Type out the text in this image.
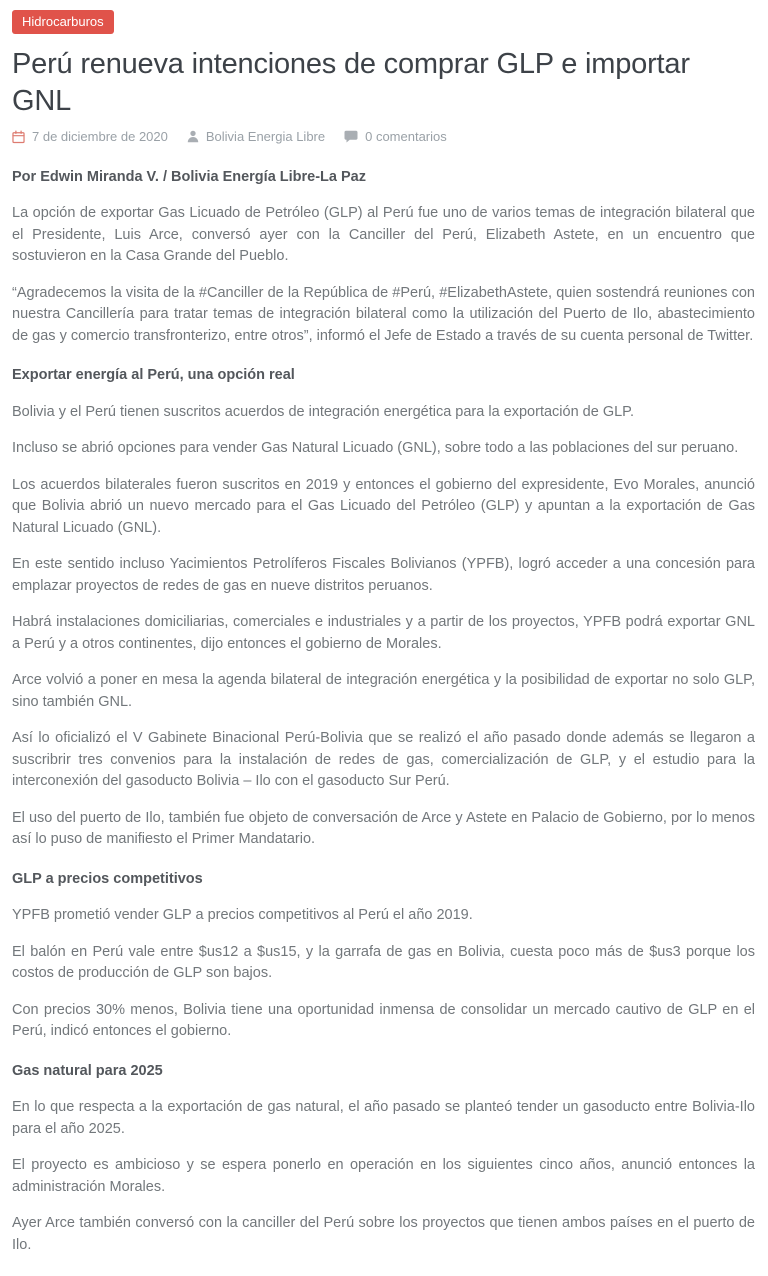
Hidrocarburos
Perú renueva intenciones de comprar GLP e importar GNL
7 de diciembre de 2020	Bolivia Energia Libre	0 comentarios

Por Edwin Miranda V. / Bolivia Energía Libre-La Paz

La opción de exportar Gas Licuado de Petróleo (GLP) al Perú fue uno de varios temas de integración bilateral que el Presidente, Luis Arce, conversó ayer con la Canciller del Perú, Elizabeth Astete, en un encuentro que sostuvieron en la Casa Grande del Pueblo.

“Agradecemos la visita de la #Canciller de la República de #Perú, #ElizabethAstete, quien sostendrá reuniones con nuestra Cancillería para tratar temas de integración bilateral como la utilización del Puerto de Ilo, abastecimiento de gas y comercio transfronterizo, entre otros”, informó el Jefe de Estado a través de su cuenta personal de Twitter.

Exportar energía al Perú, una opción real

Bolivia y el Perú tienen suscritos acuerdos de integración energética para la exportación de GLP.

Incluso se abrió opciones para vender Gas Natural Licuado (GNL), sobre todo a las poblaciones del sur peruano.

Los acuerdos bilaterales fueron suscritos en 2019 y entonces el gobierno del expresidente, Evo Morales, anunció que Bolivia abrió un nuevo mercado para el Gas Licuado del Petróleo (GLP) y apuntan a la exportación de Gas Natural Licuado (GNL).

En este sentido incluso Yacimientos Petrolíferos Fiscales Bolivianos (YPFB), logró acceder a una concesión para emplazar proyectos de redes de gas en nueve distritos peruanos.

Habrá instalaciones domiciliarias, comerciales e industriales y a partir de los proyectos, YPFB podrá exportar GNL a Perú y a otros continentes, dijo entonces el gobierno de Morales.

Arce volvió a poner en mesa la agenda bilateral de integración energética y la posibilidad de exportar no solo GLP, sino también GNL.

Así lo oficializó el V Gabinete Binacional Perú-Bolivia que se realizó el año pasado donde además se llegaron a suscribrir tres convenios para la instalación de redes de gas, comercialización de GLP, y el estudio para la interconexión del gasoducto Bolivia – Ilo con el gasoducto Sur Perú.

El uso del puerto de Ilo, también fue objeto de conversación de Arce y Astete en Palacio de Gobierno, por lo menos así lo puso de manifiesto el Primer Mandatario.

GLP a precios competitivos

YPFB prometió vender GLP a precios competitivos al Perú el año 2019.

El balón en Perú vale entre $us12 a $us15, y la garrafa de gas en Bolivia, cuesta poco más de $us3 porque los costos de producción de GLP son bajos.

Con precios 30% menos, Bolivia tiene una oportunidad inmensa de consolidar un mercado cautivo de GLP en el Perú, indicó entonces el gobierno.

Gas natural para 2025

En lo que respecta a la exportación de gas natural, el año pasado se planteó tender un gasoducto entre Bolivia-Ilo para el año 2025.

El proyecto es ambicioso y se espera ponerlo en operación en los siguientes cinco años, anunció entonces la administración Morales.

Ayer Arce también conversó con la canciller del Perú sobre los proyectos que tienen ambos países en el puerto de Ilo.
